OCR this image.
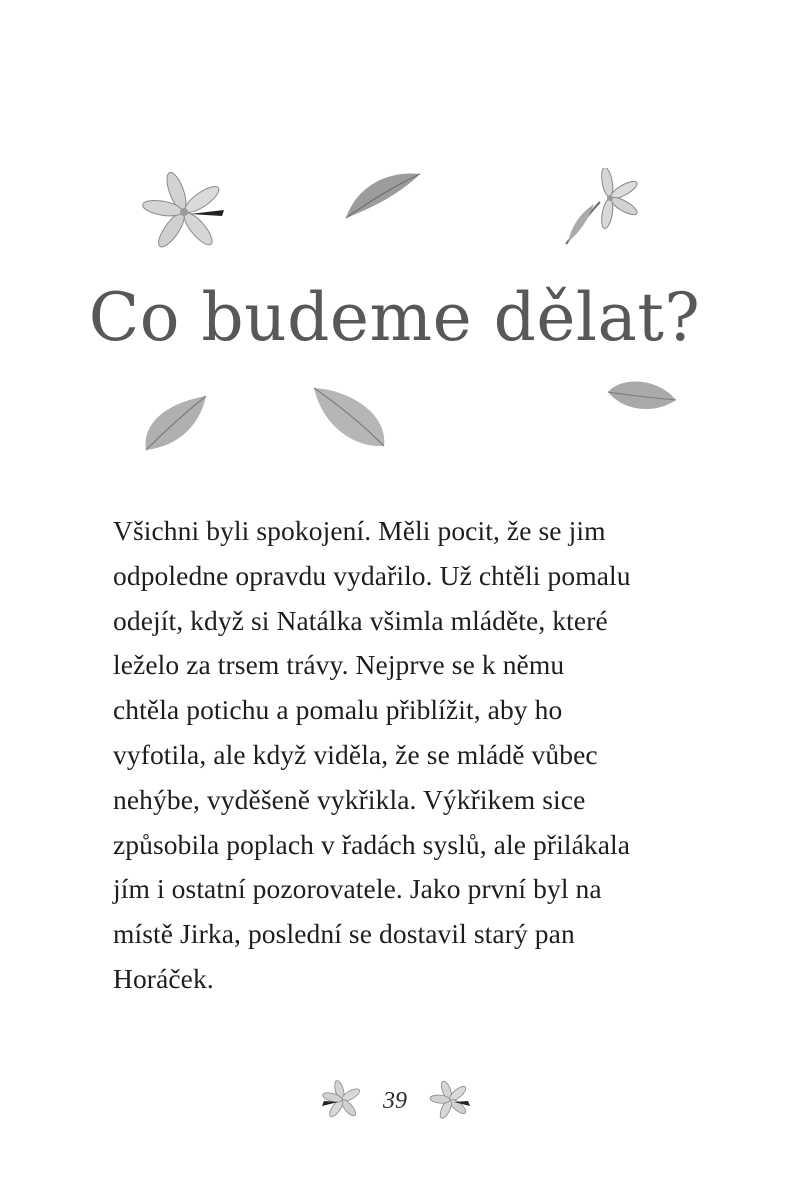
Co budeme dělat?

Všichni byli spokojení. Měli pocit, že se jim

odpoledne opravdu vydařilo. Už chtěli pomalu

odejít, když si Natálka všimla mláděte, které

leželo za trsem trávy. Nejprve se k němu

chtěla potichu a pomalu přiblížit, aby ho

vyfotila, ale když viděla, že se mládě vůbec

nehýbe, vyděšeně vykřikla. Výkřikem sice

způsobila poplach v řadách syslů, ale přilákala

jím i ostatní pozorovatele. Jako první byl na

místě Jirka, poslední se dostavil starý pan

Horáček.

39
